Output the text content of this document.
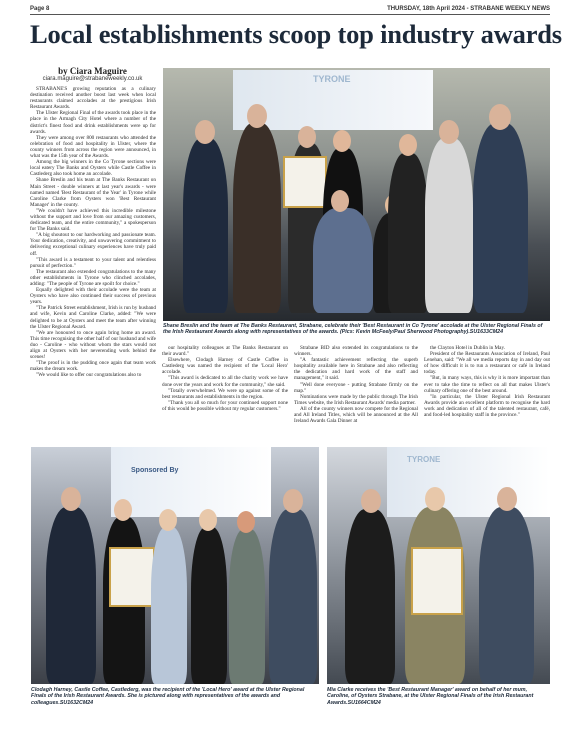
Page 8	THURSDAY, 18th April 2024 - STRABANE WEEKLY NEWS
Local establishments scoop top industry awards
by Ciara Maguire
ciara.maguire@strabaneweekly.co.uk

STRABANE'S growing reputation as a culinary destination received another boost last week when local restaurants claimed accolades at the prestigious Irish Restaurant Awards.

The Ulster Regional Final of the awards took place in the place in the Armagh City Hotel where a number of the district's finest food and drink establishments were up for awards.

They were among over 800 restaurants who attended the celebration of food and hospitality in Ulster, where the county winners from across the region were announced, in what was the 15th year of the Awards.

Among the big winners in the Co Tyrone sections were local eatery The Banks and Oysters while Castle Coffee in Castlederg also took home an accolade.

Shane Breslin and his team at The Banks Restaurant on Main Street - double winners at last year's awards - were named named 'Best Restaurant of the Year' in Tyrone while Caroline Clarke from Oysters won 'Best Restaurant Manager' in the county.

"We couldn't have achieved this incredible milestone without the support and love from our amazing customers, dedicated team, and the entire community," a spokesperson for The Banks said.

"A big shoutout to our hardworking and passionate team. Your dedication, creativity, and unwavering commitment to delivering exceptional culinary experiences have truly paid off.

"This award is a testament to your talent and relentless pursuit of perfection."

The restaurant also extended congratulations to the many other establishments in Tyrone who clinched accolades, adding: "The people of Tyrone are spoilt for choice."

Equally delighted with their accolade were the team at Oysters who have also continued their success of previous years.

"The Patrick Street establishment, Irish is run by husband and wife, Kevin and Caroline Clarke, added: "We were delighted to be at Oysters and meet the team after winning the Ulster Regional Award.

"We are honoured to once again bring home an award. This time recognising the other half of our husband and wife duo - Caroline - who without whom the stars would not align at Oysters with her neverending work behind the scenes!

"The proof is in the pudding once again that team work makes the dream work.

"We would like to offer our congratulations also to

our hospitality colleagues at The Banks Restaurant on their award."

Elsewhere, Clodagh Harney of Castle Coffee in Castlederg was named the recipient of the 'Local Hero' accolade.

"This award is dedicated to all the charity work we have done over the years and work for the community," she said.

"Totally overwhelmed. We were up against some of the best restaurants and establishments in the region.

"Thank you all so much for your continued support none of this would be possible without my regular customers."

Strabane BID also extended its congratulations to the winners.

"A fantastic achievement reflecting the superb hospitality available here in Strabane and also reflecting the dedication and hard work of the staff and management," it said.

"Well done everyone - putting Strabane firmly on the map."

Nominations were made by the public through The Irish Times website, the Irish Restaurant Awards' media partner.

All of the county winners now compete for the Regional and All Ireland Titles, which will be announced at the All Ireland Awards Gala Dinner at

the Clayton Hotel in Dublin in May.

President of the Restaurants Association of Ireland, Paul Lenehan, said: "We all we media reports day in and day out of how difficult it is to run a restaurant or café in Ireland today.

"But, in many ways, this is why it is more important than ever to take the time to reflect on all that makes Ulster's culinary offering one of the best around.

"In particular, the Ulster Regional Irish Restaurant Awards provide an excellent platform to recognise the hard work and dedication of all of the talented restaurant, café, and food-led hospitality staff in the province."

TYRONE
Shane Breslin and the team at The Banks Restaurant, Strabane, celebrate their 'Best Restaurant in Co Tyrone' accolade at the Ulster Regional Finals of the Irish Restaurant Awards along with representatives of the awards. (Pics: Kevin McFeely/Paul Sherwood Photography).SU1633CM24
Sponsored By
Clodagh Harney, Castle Coffee, Castlederg, was the recipient of the 'Local Hero' award at the Ulster Regional Finals of the Irish Restaurant Awards. She is pictured along with representatives of the awards and colleagues.SU1632CM24
TYRONE
Mia Clarke receives the 'Best Restaurant Manager' award on behalf of her mum, Caroline, of Oysters Strabane, at the Ulster Regional Finals of the Irish Restaurant Awards.SU1664CM24
